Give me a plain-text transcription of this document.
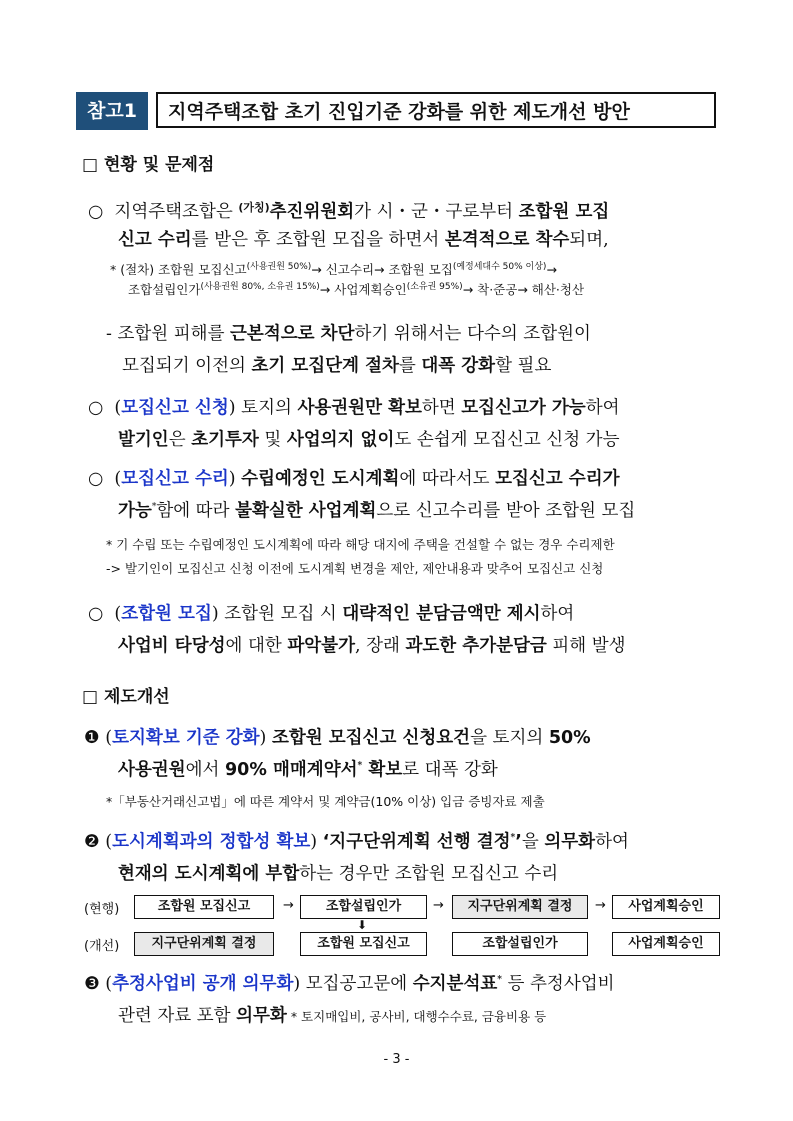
참고1	지역주택조합 초기 진입기준 강화를 위한 제도개선 방안
□ 현황 및 문제점
○ 지역주택조합은 $^{(가칭)}$추진위원회가 시・군・구로부터 조합원 모집
신고 수리를 받은 후 조합원 모집을 하면서 본격적으로 착수되며,
* (절차) 조합원 모집신고$^{(사용권원 50\%)}$→ 신고수리→ 조합원 모집$^{(예정세대수 50\% 이상)}$→
조합설립인가$^{(사용권원 80\%, 소유권 15\%)}$→ 사업계획승인$^{(소유권 95\%)}$→ 착·준공→ 해산·청산
- 조합원 피해를 근본적으로 차단하기 위해서는 다수의 조합원이
모집되기 이전의 초기 모집단계 절차를 대폭 강화할 필요
○ (모집신고 신청) 토지의 사용권원만 확보하면 모집신고가 가능하여
발기인은 초기투자 및 사업의지 없이도 손쉽게 모집신고 신청 가능
○ (모집신고 수리) 수립예정인 도시계획에 따라서도 모집신고 수리가
가능*함에 따라 불확실한 사업계획으로 신고수리를 받아 조합원 모집
* 기 수립 또는 수립예정인 도시계획에 따라 해당 대지에 주택을 건설할 수 없는 경우 수리제한
-> 발기인이 모집신고 신청 이전에 도시계획 변경을 제안, 제안내용과 맞추어 모집신고 신청
○ (조합원 모집) 조합원 모집 시 대략적인 분담금액만 제시하여
사업비 타당성에 대한 파악불가, 장래 과도한 추가분담금 피해 발생
□ 제도개선
❶ (토지확보 기준 강화) 조합원 모집신고 신청요건을 토지의 50%
사용권원에서 90% 매매계약서* 확보로 대폭 강화
*「부동산거래신고법」에 따른 계약서 및 계약금(10% 이상) 입금 증빙자료 제출
❷ (도시계획과의 정합성 확보) ‘지구단위계획 선행 결정*’을 의무화하여
현재의 도시계획에 부합하는 경우만 조합원 모집신고 수리
(현행)	조합원 모집신고	→	조합설립인가	→	지구단위계획 결정	→	사업계획승인
⬇
(개선)	지구단위계획 결정	조합원 모집신고	조합설립인가	사업계획승인
❸ (추정사업비 공개 의무화) 모집공고문에 수지분석표* 등 추정사업비
관련 자료 포함 의무화 * 토지매입비, 공사비, 대행수수료, 금융비용 등
- 3 -
